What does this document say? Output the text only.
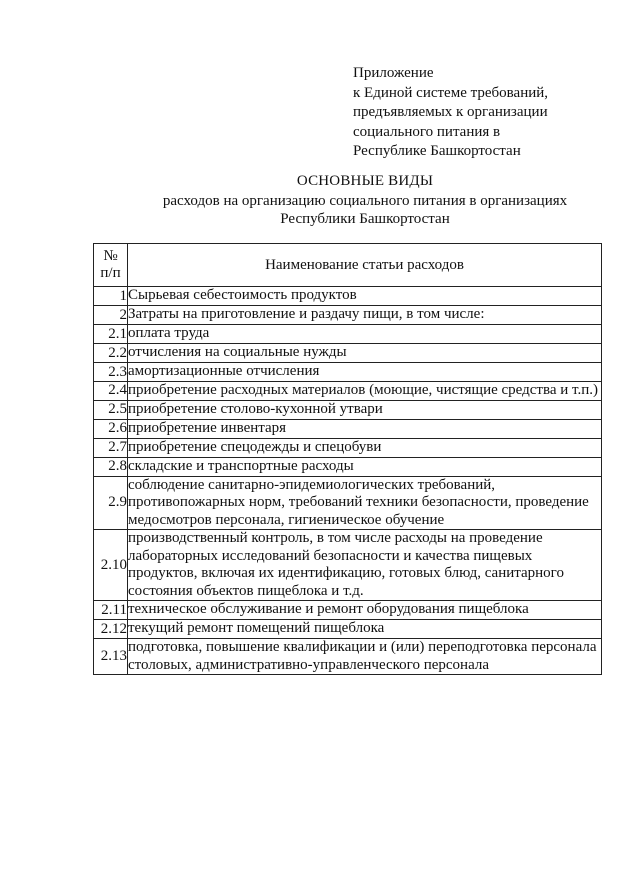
Приложение
к Единой системе требований,
предъявляемых к организации
социального питания в
Республике Башкортостан
ОСНОВНЫЕ ВИДЫ
расходов на организацию социального питания в организациях
Республики Башкортостан
№
п/п	Наименование статьи расходов
1	Сырьевая себестоимость продуктов
2	Затраты на приготовление и раздачу пищи, в том числе:
2.1	оплата труда
2.2	отчисления на социальные нужды
2.3	амортизационные отчисления
2.4	приобретение расходных материалов (моющие, чистящие средства и т.п.)
2.5	приобретение столово-кухонной утвари
2.6	приобретение инвентаря
2.7	приобретение спецодежды и спецобуви
2.8	складские и транспортные расходы
2.9	соблюдение санитарно-эпидемиологических требований, противопожарных норм, требований техники безопасности, проведение медосмотров персонала, гигиеническое обучение
2.10	производственный контроль, в том числе расходы на проведение лабораторных исследований безопасности и качества пищевых продуктов, включая их идентификацию, готовых блюд, санитарного состояния объектов пищеблока и т.д.
2.11	техническое обслуживание и ремонт оборудования пищеблока
2.12	текущий ремонт помещений пищеблока
2.13	подготовка, повышение квалификации и (или) переподготовка персонала столовых, административно-управленческого персонала
